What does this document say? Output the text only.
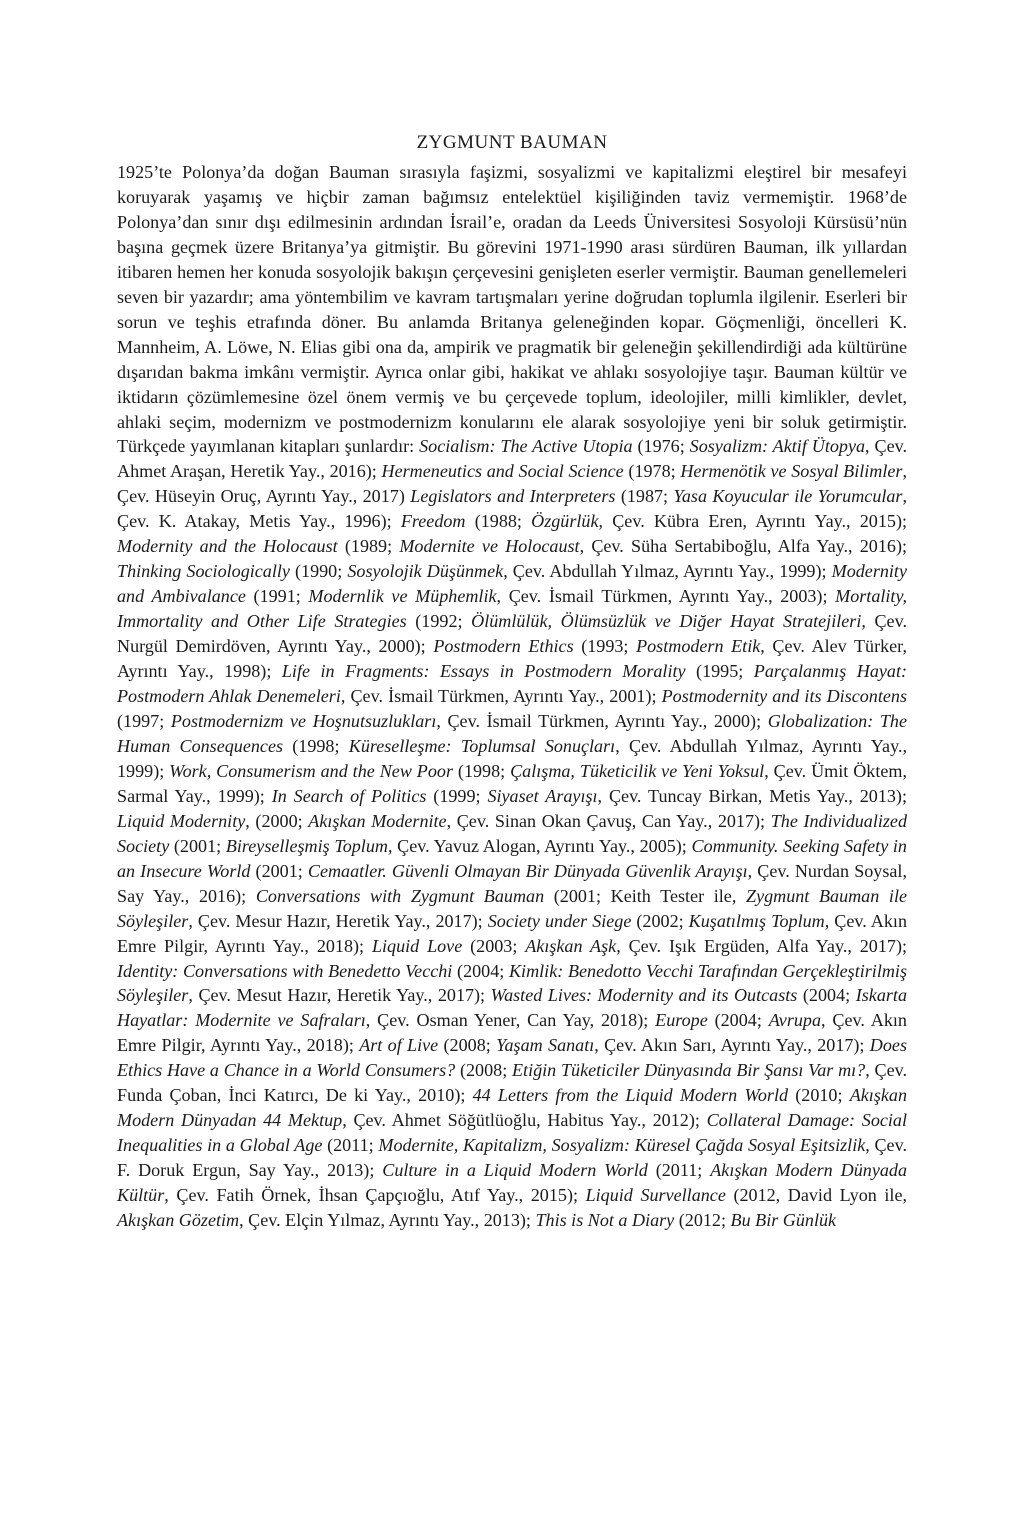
ZYGMUNT BAUMAN

1925’te Polonya’da doğan Bauman sırasıyla faşizmi, sosyalizmi ve kapitalizmi eleştirel bir mesafeyi koruyarak yaşamış ve hiçbir zaman bağımsız entelektüel kişiliğinden taviz vermemiştir. 1968’de Polonya’dan sınır dışı edilmesinin ardından İsrail’e, oradan da Leeds Üniversitesi Sosyoloji Kürsüsü’nün başına geçmek üzere Britanya’ya gitmiştir. Bu görevini 1971-1990 arası sürdüren Bauman, ilk yıllardan itibaren hemen her konuda sosyolojik bakışın çerçevesini genişleten eserler vermiştir. Bauman genellemeleri seven bir yazardır; ama yöntembilim ve kavram tartışmaları yerine doğrudan toplumla ilgilenir. Eserleri bir sorun ve teşhis etrafında döner. Bu anlamda Britanya geleneğinden kopar. Göçmenliği, öncelleri K. Mannheim, A. Löwe, N. Elias gibi ona da, ampirik ve pragmatik bir geleneğin şekillendirdiği ada kültürüne dışarıdan bakma imkânı vermiştir. Ayrıca onlar gibi, hakikat ve ahlakı sosyolojiye taşır. Bauman kültür ve iktidarın çözümlemesine özel önem vermiş ve bu çerçevede toplum, ideolojiler, milli kimlikler, devlet, ahlaki seçim, modernizm ve postmodernizm konularını ele alarak sosyolojiye yeni bir soluk getirmiştir. Türkçede yayımlanan kitapları şunlardır: Socialism: The Active Utopia (1976; Sosyalizm: Aktif Ütopya, Çev. Ahmet Araşan, Heretik Yay., 2016); Hermeneutics and Social Science (1978; Hermenötik ve Sosyal Bilimler, Çev. Hüseyin Oruç, Ayrıntı Yay., 2017) Legislators and Interpreters (1987; Yasa Koyucular ile Yorumcular, Çev. K. Atakay, Metis Yay., 1996); Freedom (1988; Özgürlük, Çev. Kübra Eren, Ayrıntı Yay., 2015); Modernity and the Holocaust (1989; Modernite ve Holocaust, Çev. Süha Sertabiboğlu, Alfa Yay., 2016); Thinking Sociologically (1990; Sosyolojik Düşünmek, Çev. Abdullah Yılmaz, Ayrıntı Yay., 1999); Modernity and Ambivalance (1991; Modernlik ve Müphemlik, Çev. İsmail Türkmen, Ayrıntı Yay., 2003); Mortality, Immortality and Other Life Strategies (1992; Ölümlülük, Ölümsüzlük ve Diğer Hayat Stratejileri, Çev. Nurgül Demirdöven, Ayrıntı Yay., 2000); Postmodern Ethics (1993; Postmodern Etik, Çev. Alev Türker, Ayrıntı Yay., 1998); Life in Fragments: Essays in Postmodern Morality (1995; Parçalanmış Hayat: Postmodern Ahlak Denemeleri, Çev. İsmail Türkmen, Ayrıntı Yay., 2001); Postmodernity and its Discontens (1997; Postmodernizm ve Hoşnutsuzlukları, Çev. İsmail Türkmen, Ayrıntı Yay., 2000); Globalization: The Human Consequences (1998; Küreselleşme: Toplumsal Sonuçları, Çev. Abdullah Yılmaz, Ayrıntı Yay., 1999); Work, Consumerism and the New Poor (1998; Çalışma, Tüketicilik ve Yeni Yoksul, Çev. Ümit Öktem, Sarmal Yay., 1999); In Search of Politics (1999; Siyaset Arayışı, Çev. Tuncay Birkan, Metis Yay., 2013); Liquid Modernity, (2000; Akışkan Modernite, Çev. Sinan Okan Çavuş, Can Yay., 2017); The Individualized Society (2001; Bireyselleşmiş Toplum, Çev. Yavuz Alogan, Ayrıntı Yay., 2005); Community. Seeking Safety in an Insecure World (2001; Cemaatler. Güvenli Olmayan Bir Dünyada Güvenlik Arayışı, Çev. Nurdan Soysal, Say Yay., 2016); Conversations with Zygmunt Bauman (2001; Keith Tester ile, Zygmunt Bauman ile Söyleşiler, Çev. Mesur Hazır, Heretik Yay., 2017); Society under Siege (2002; Kuşatılmış Toplum, Çev. Akın Emre Pilgir, Ayrıntı Yay., 2018); Liquid Love (2003; Akışkan Aşk, Çev. Işık Ergüden, Alfa Yay., 2017); Identity: Conversations with Benedetto Vecchi (2004; Kimlik: Benedotto Vecchi Tarafından Gerçekleştirilmiş Söyleşiler, Çev. Mesut Hazır, Heretik Yay., 2017); Wasted Lives: Modernity and its Outcasts (2004; Iskarta Hayatlar: Modernite ve Safraları, Çev. Osman Yener, Can Yay, 2018); Europe (2004; Avrupa, Çev. Akın Emre Pilgir, Ayrıntı Yay., 2018); Art of Live (2008; Yaşam Sanatı, Çev. Akın Sarı, Ayrıntı Yay., 2017); Does Ethics Have a Chance in a World Consumers? (2008; Etiğin Tüketiciler Dünyasında Bir Şansı Var mı?, Çev. Funda Çoban, İnci Katırcı, De ki Yay., 2010); 44 Letters from the Liquid Modern World (2010; Akışkan Modern Dünyadan 44 Mektup, Çev. Ahmet Söğütlüoğlu, Habitus Yay., 2012); Collateral Damage: Social Inequalities in a Global Age (2011; Modernite, Kapitalizm, Sosyalizm: Küresel Çağda Sosyal Eşitsizlik, Çev. F. Doruk Ergun, Say Yay., 2013); Culture in a Liquid Modern World (2011; Akışkan Modern Dünyada Kültür, Çev. Fatih Örnek, İhsan Çapçıoğlu, Atıf Yay., 2015); Liquid Survellance (2012, David Lyon ile, Akışkan Gözetim, Çev. Elçin Yılmaz, Ayrıntı Yay., 2013); This is Not a Diary (2012; Bu Bir Günlük
